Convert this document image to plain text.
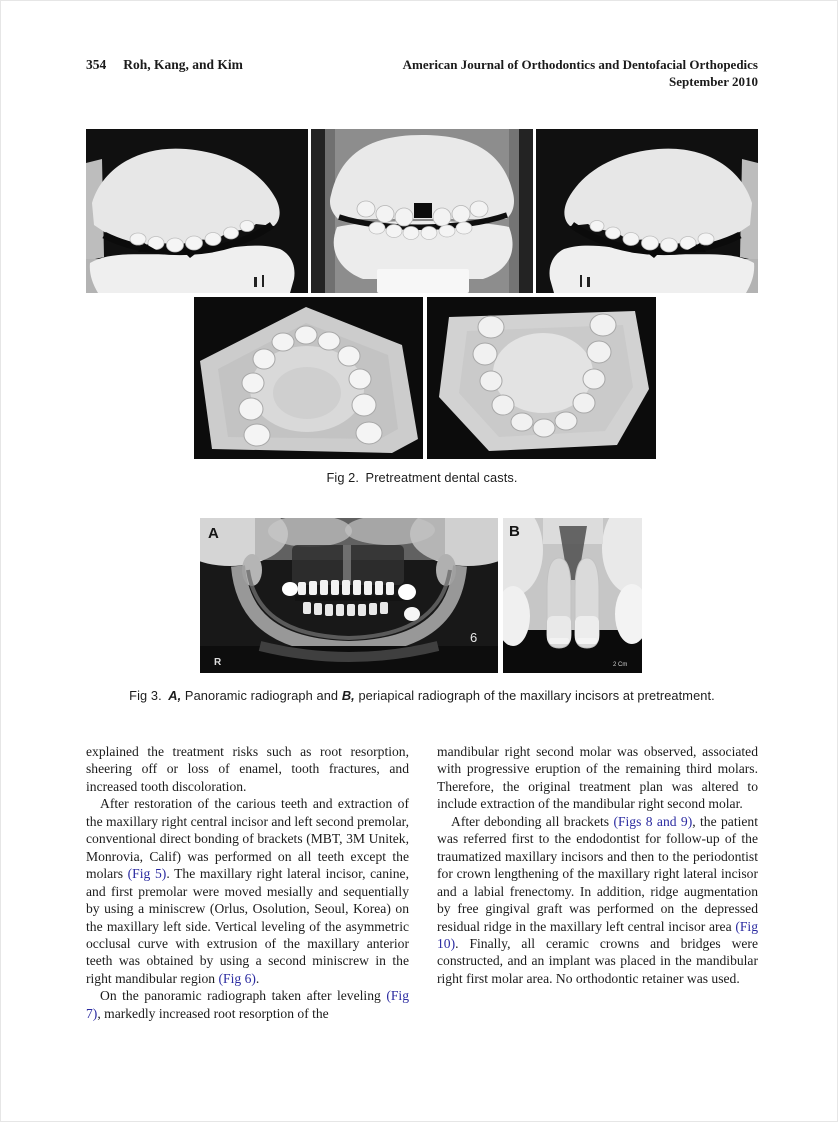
354 Roh, Kang, and Kim	American Journal of Orthodontics and Dentofacial Orthopedics
September 2010
Fig 2. Pretreatment dental casts.
A
6
R
B
2 Cm
Fig 3. A, Panoramic radiograph and B, periapical radiograph of the maxillary incisors at pretreatment.

explained the treatment risks such as root resorption, sheering off or loss of enamel, tooth fractures, and increased tooth discoloration.

After restoration of the carious teeth and extraction of the maxillary right central incisor and left second premolar, conventional direct bonding of brackets (MBT, 3M Unitek, Monrovia, Calif) was performed on all teeth except the molars (Fig 5). The maxillary right lateral incisor, canine, and first premolar were moved mesially and sequentially by using a miniscrew (Orlus, Osolution, Seoul, Korea) on the maxillary left side. Vertical leveling of the asymmetric occlusal curve with extrusion of the maxillary anterior teeth was obtained by using a second miniscrew in the right mandibular region (Fig 6).

On the panoramic radiograph taken after leveling (Fig 7), markedly increased root resorption of the

mandibular right second molar was observed, associated with progressive eruption of the remaining third molars. Therefore, the original treatment plan was altered to include extraction of the mandibular right second molar.

After debonding all brackets (Figs 8 and 9), the patient was referred first to the endodontist for follow-up of the traumatized maxillary incisors and then to the periodontist for crown lengthening of the maxillary right lateral incisor and a labial frenectomy. In addition, ridge augmentation by free gingival graft was performed on the depressed residual ridge in the maxillary left central incisor area (Fig 10). Finally, all ceramic crowns and bridges were constructed, and an implant was placed in the mandibular right first molar area. No orthodontic retainer was used.
